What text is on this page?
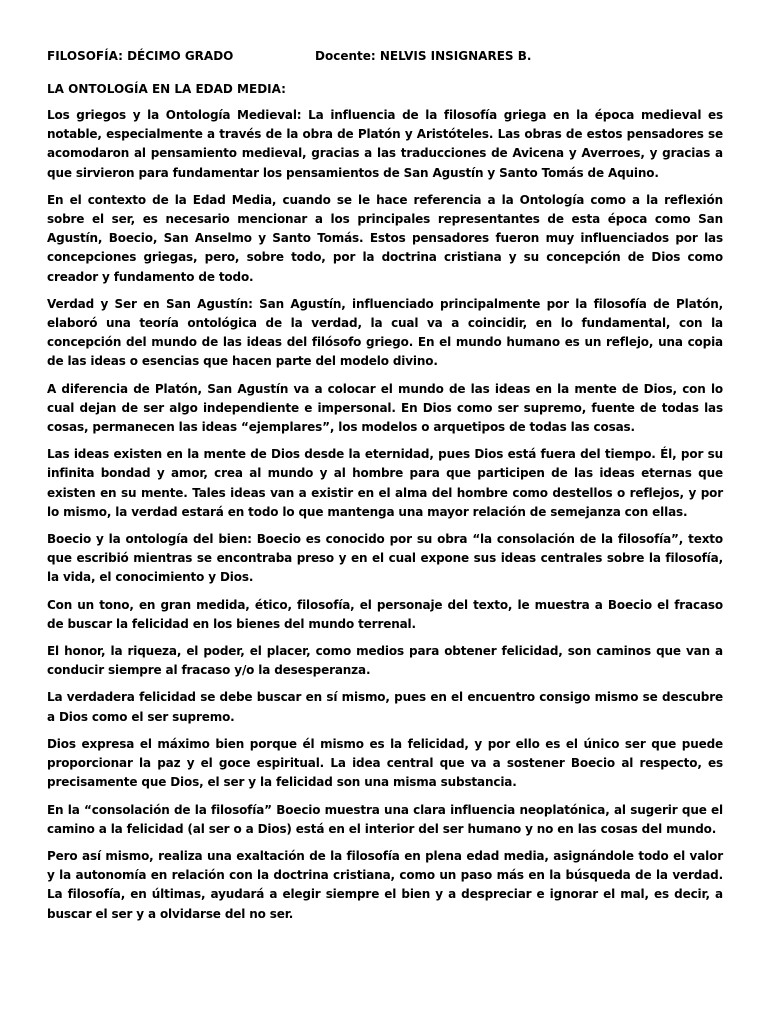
FILOSOFÍA: DÉCIMO GRADO	Docente: NELVIS INSIGNARES B.
LA ONTOLOGÍA EN LA EDAD MEDIA:

Los griegos y la Ontología Medieval: La influencia de la filosofía griega en la época medieval es notable, especialmente a través de la obra de Platón y Aristóteles. Las obras de estos pensadores se acomodaron al pensamiento medieval, gracias a las traducciones de Avicena y Averroes, y gracias a que sirvieron para fundamentar los pensamientos de San Agustín y Santo Tomás de Aquino.

En el contexto de la Edad Media, cuando se le hace referencia a la Ontología como a la reflexión sobre el ser, es necesario mencionar a los principales representantes de esta época como San Agustín, Boecio, San Anselmo y Santo Tomás. Estos pensadores fueron muy influenciados por las concepciones griegas, pero, sobre todo, por la doctrina cristiana y su concepción de Dios como creador y fundamento de todo.

Verdad y Ser en San Agustín: San Agustín, influenciado principalmente por la filosofía de Platón, elaboró una teoría ontológica de la verdad, la cual va a coincidir, en lo fundamental, con la concepción del mundo de las ideas del filósofo griego. En el mundo humano es un reflejo, una copia de las ideas o esencias que hacen parte del modelo divino.

A diferencia de Platón, San Agustín va a colocar el mundo de las ideas en la mente de Dios, con lo cual dejan de ser algo independiente e impersonal. En Dios como ser supremo, fuente de todas las cosas, permanecen las ideas “ejemplares”, los modelos o arquetipos de todas las cosas.

Las ideas existen en la mente de Dios desde la eternidad, pues Dios está fuera del tiempo. Él, por su infinita bondad y amor, crea al mundo y al hombre para que participen de las ideas eternas que existen en su mente. Tales ideas van a existir en el alma del hombre como destellos o reflejos, y por lo mismo, la verdad estará en todo lo que mantenga una mayor relación de semejanza con ellas.

Boecio y la ontología del bien: Boecio es conocido por su obra “la consolación de la filosofía”, texto que escribió mientras se encontraba preso y en el cual expone sus ideas centrales sobre la filosofía, la vida, el conocimiento y Dios.

Con un tono, en gran medida, ético, filosofía, el personaje del texto, le muestra a Boecio el fracaso de buscar la felicidad en los bienes del mundo terrenal.

El honor, la riqueza, el poder, el placer, como medios para obtener felicidad, son caminos que van a conducir siempre al fracaso y/o la desesperanza.

La verdadera felicidad se debe buscar en sí mismo, pues en el encuentro consigo mismo se descubre a Dios como el ser supremo.

Dios expresa el máximo bien porque él mismo es la felicidad, y por ello es el único ser que puede proporcionar la paz y el goce espiritual. La idea central que va a sostener Boecio al respecto, es precisamente que Dios, el ser y la felicidad son una misma substancia.

En la “consolación de la filosofía” Boecio muestra una clara influencia neoplatónica, al sugerir que el camino a la felicidad (al ser o a Dios) está en el interior del ser humano y no en las cosas del mundo.

Pero así mismo, realiza una exaltación de la filosofía en plena edad media, asignándole todo el valor y la autonomía en relación con la doctrina cristiana, como un paso más en la búsqueda de la verdad. La filosofía, en últimas, ayudará a elegir siempre el bien y a despreciar e ignorar el mal, es decir, a buscar el ser y a olvidarse del no ser.
